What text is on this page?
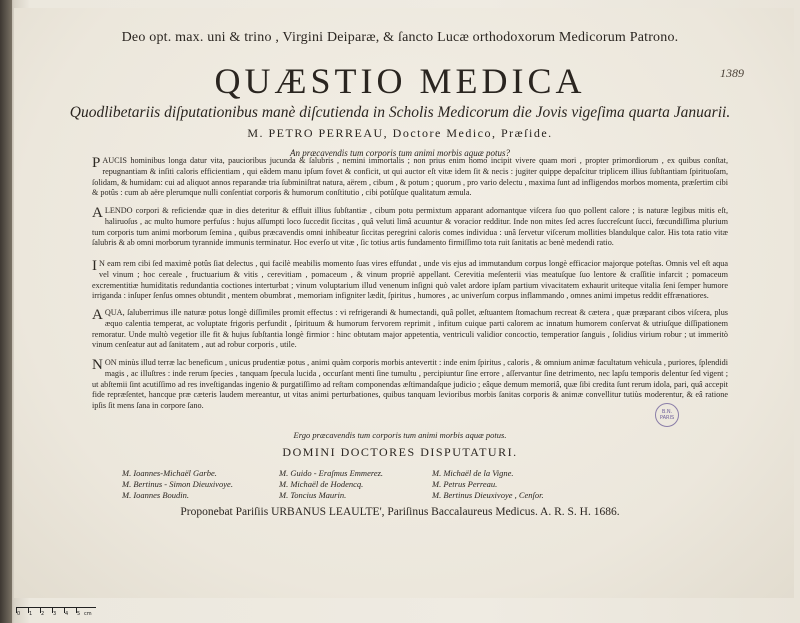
Deo opt. max. uni & trino , Virgini Deiparæ, & ſancto Lucæ orthodoxorum Medicorum Patrono.
QUÆSTIO MEDICA	1389
Quodlibetariis diſputationibus manè diſcutienda in Scholis Medicorum die Jovis vigeſima quarta Januarii.
M. PETRO PERREAU, Doctore Medico, Præſide.
An præcavendis tum corporis tum animi morbis aquæ potus?
PAUCIS hominibus longa datur vita, paucioribus jucunda & ſalubris , nemini immortalis ; non prius enim homo incipit vivere quam mori , propter primordiorum , ex quibus conſtat, repugnantiam & inſiti caloris efficientiam , qui eâdem manu ipſum fovet & conficit, ut qui auctor eſt vitæ idem ſit & necis : jugiter quippe depaſcitur triplicem illius ſubſtantiam ſpirituoſam, ſolidam, & humidam: cui ad aliquot annos reparandæ tria ſubminiſtrat natura, aërem , cibum , & potum ; quorum , pro vario delectu , maxima ſunt ad infligendos morbos momenta, præſertim cibi & potûs : cum ab aëre plerumque nulli conſentiat corporis & humorum conſtitutio , cibi potûſque qualitatum æmula.
ALENDO corpori & reficiendæ quæ in dies deteritur & effluit illius ſubſtantiæ , cibum potu permixtum apparant adornantque viſcera ſuo quo pollent calore ; is naturæ legibus mitis eſt, haliruoſus , ac multo humore perfuſus : hujus aſſumpti loco ſuccedit ſiccitas , quâ veluti limâ acuuntur & voracior redditur. Inde non mites ſed acres ſuccreſcunt ſucci, fœcundiſſima plurium tum corporis tum animi morborum ſemina , quibus præcavendis omni inhibeatur ſiccitas peregrini caloris comes individua : unâ ſervetur viſcerum mollities blandulque calor. His tota ratio vitæ ſalubris & ab omni morborum tyrannide immunis terminatur. Hoc everſo ut vitæ , ſic totius artis fundamento firmiſſimo tota ruit ſanitatis ac benè medendi ratio.
I N eam rem cibi ſed maximè potûs ſiat delectus , qui facilè meabilis momento ſuas vires effundat , unde vis ejus ad immutandum corpus longè efficacior majorque poteſtas. Omnis vel eſt aqua vel vinum ; hoc cereale , fructuarium & vitis , cerevitiam , pomaceum , & vinum propriè appellant. Cerevitia meſenterii vias meatuſque ſuo lentore & craſſitie infarcit ; pomaceum excrementitiæ humiditatis redundantia coctiones interturbat ; vinum voluptarium illud venenum inſigni quò valet ardore ipſam partium vivacitatem exhaurit uriteque vitalia ſeni ſemper humore irriganda : inſuper ſenſus omnes obtundit , mentem obumbrat , memoriam infigniter lædit, ſpiritus , humores , ac univerſum corpus inflammando , omnes animi impetus reddit effrænatiores.
AQUA, ſaluberrimus ille naturæ potus longè diſſimiles promit effectus : vi refrigerandi & humectandi, quâ pollet, æſtuantem ſtomachum recreat & cætera , quæ præparant cibos viſcera, plus æquo calentia temperat, ac voluptate frigoris perfundit , ſpirituum & humorum fervorem reprimit , infitum cuique parti calorem ac innatum humorem conſervat & utriuſque diſſipationem remoratur. Unde multò vegetior ille fit & hujus ſubſtantia longè firmior : hinc obtutam major appetentia, ventriculi validior concoctio, temperatior ſanguis , ſolidius virium robur ; ut immeritò vinum cenſeatur aut ad ſanitatem , aut ad robur corporis , utile.
NON minùs illud terræ lac beneficum , unicus prudentiæ potus , animi quàm corporis morbis antevertit : inde enim ſpiritus , caloris , & omnium animæ facultatum vehicula , puriores, ſplendidi magis , ac illuſtres : inde rerum ſpecies , tanquam ſpecula lucida , occurſant menti ſine tumultu , percipiuntur ſine errore , aſſervantur ſine detrimento, nec lapſu temporis delentur ſed vigent ; ut abſtemii ſint acutiſſimo ad res inveſtigandas ingenio & purgatiſſimo ad reſtam componendas æſtimandaſque judicio ; eâque demum memoriâ, quæ ſibi credita ſunt rerum idola, pari, quâ accepit fide repræſentet, hancque præ cæteris laudem mereantur, ut vitas animi perturbationes, quibus tanquam levioribus morbis ſanitas corporis & animæ convellitur tutiùs moderentur, & eâ ratione ipſis ſit mens ſana in corpore ſano.
B.N. PARIS
Ergo præcavendis tum corporis tum animi morbis aquæ potus.
DOMINI DOCTORES DISPUTATURI.
M. Ioannes-Michaël Garbe.
M. Bertinus - Simon Dieuxivoye.
M. Ioannes Boudin.
M. Guido - Eraſmus Emmerez.
M. Michaël de Hodencq.
M. Toncius Maurin.
M. Michaël de la Vigne.
M. Petrus Perreau.
M. Bertinus Dieuxivoye , Cenſor.
Proponebat Pariſiis URBANUS LEAULTE', Pariſinus Baccalaureus Medicus. A. R. S. H. 1686.
0 1 2 3 4 5 cm
